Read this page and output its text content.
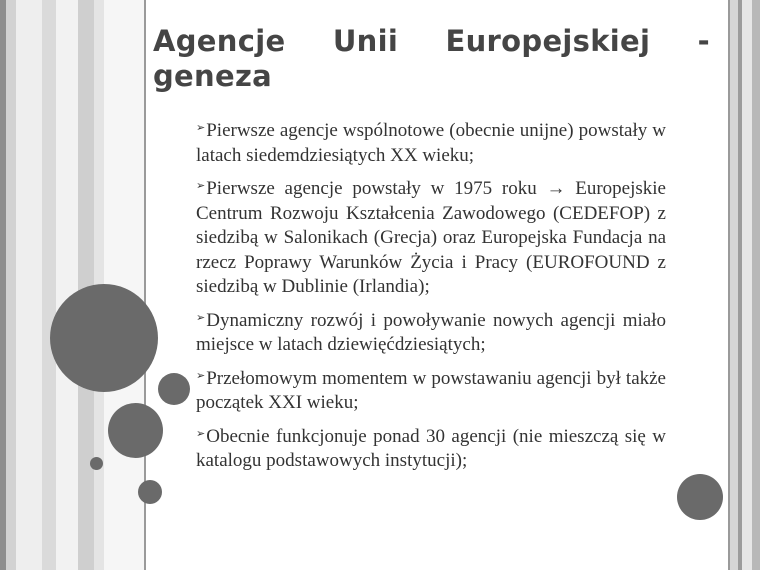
Agencje Unii Europejskiej - geneza
➢Pierwsze agencje wspólnotowe (obecnie unijne) powstały w latach siedemdziesiątych XX wieku;
➢Pierwsze agencje powstały w 1975 roku → Europejskie Centrum Rozwoju Kształcenia Zawodowego (CEDEFOP) z siedzibą w Salonikach (Grecja) oraz Europejska Fundacja na rzecz Poprawy Warunków Życia i Pracy (EUROFOUND z siedzibą w Dublinie (Irlandia);
➢Dynamiczny rozwój i powoływanie nowych agencji miało miejsce w latach dziewięćdziesiątych;
➢Przełomowym momentem w powstawaniu agencji był także początek XXI wieku;
➢Obecnie funkcjonuje ponad 30 agencji (nie mieszczą się w katalogu podstawowych instytucji);
